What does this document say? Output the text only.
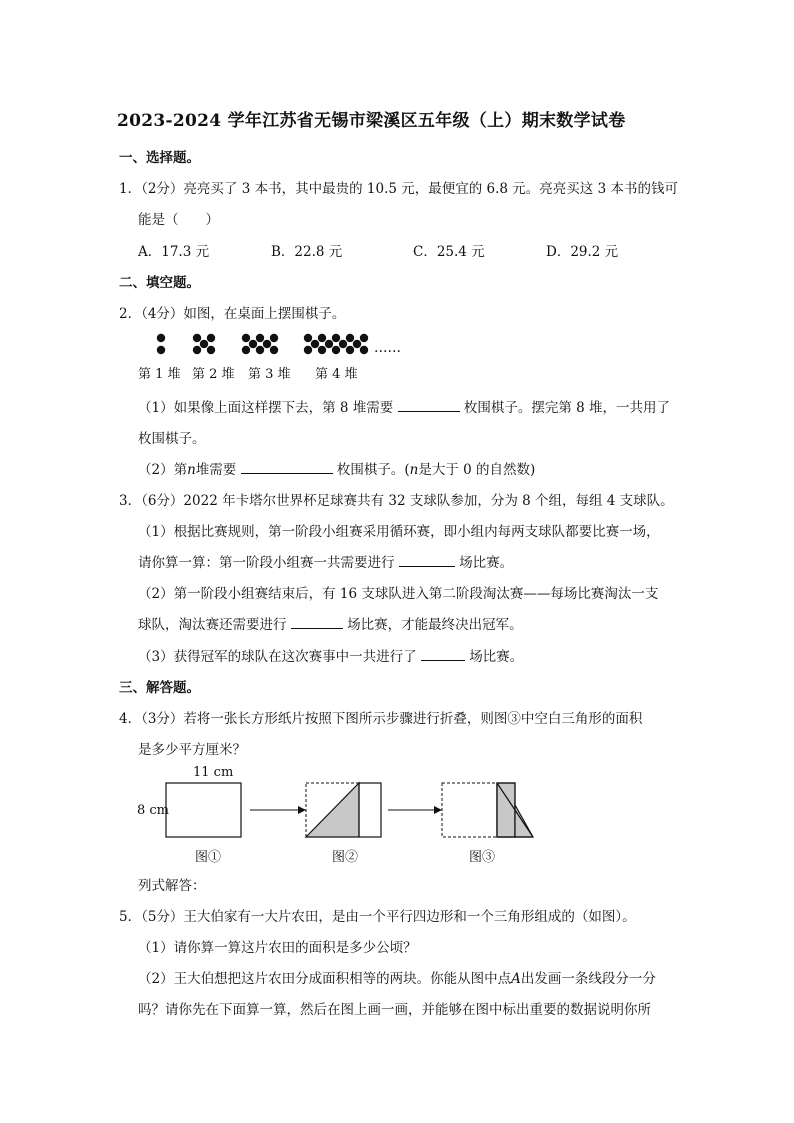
2023-2024 学年江苏省无锡市梁溪区五年级（上）期末数学试卷
一、选择题。
1．（2分）亮亮买了 3 本书，其中最贵的 10.5 元，最便宜的 6.8 元。亮亮买这 3 本书的钱可
能是（　　）
A．17.3 元	B．22.8 元	C．25.4 元	D．29.2 元
二、填空题。
2．（4分）如图，在桌面上摆围棋子。
……
第 1 堆 第 2 堆 第 3 堆 第 4 堆
（1）如果像上面这样摆下去，第 8 堆需要	枚围棋子。摆完第 8 堆，一共用了
枚围棋子。
（2）第n堆需要	枚围棋子。(n是大于 0 的自然数)
3．（6分）2022 年卡塔尔世界杯足球赛共有 32 支球队参加，分为 8 个组，每组 4 支球队。
（1）根据比赛规则，第一阶段小组赛采用循环赛，即小组内每两支球队都要比赛一场，
请你算一算：第一阶段小组赛一共需要进行	场比赛。
（2）第一阶段小组赛结束后，有 16 支球队进入第二阶段淘汰赛——每场比赛淘汰一支
球队，淘汰赛还需要进行	场比赛，才能最终决出冠军。
（3）获得冠军的球队在这次赛事中一共进行了	场比赛。
三、解答题。
4．（3分）若将一张长方形纸片按照下图所示步骤进行折叠，则图③中空白三角形的面积
是多少平方厘米？
11 cm
8 cm
图①	图②	图③
列式解答：
5．（5分）王大伯家有一大片农田，是由一个平行四边形和一个三角形组成的（如图）。
（1）请你算一算这片农田的面积是多少公顷？
（2）王大伯想把这片农田分成面积相等的两块。你能从图中点A出发画一条线段分一分
吗？请你先在下面算一算，然后在图上画一画，并能够在图中标出重要的数据说明你所
